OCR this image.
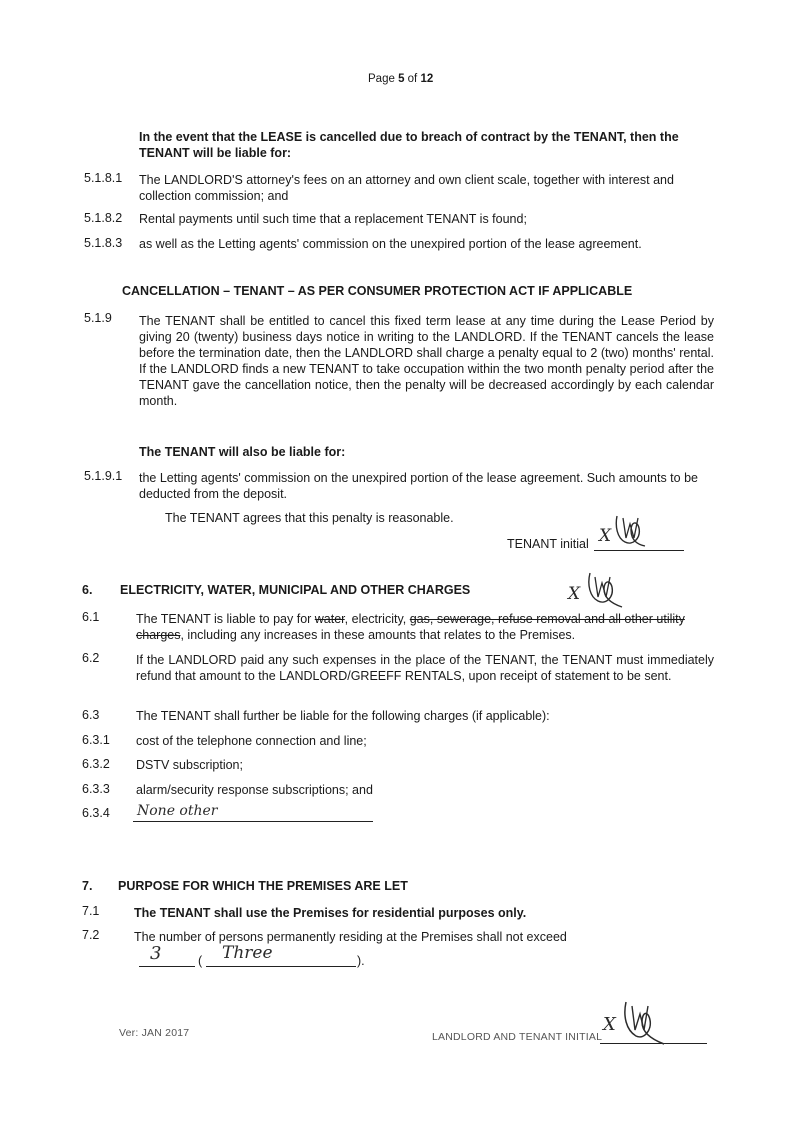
Page 5 of 12
In the event that the LEASE is cancelled due to breach of contract by the TENANT, then the TENANT will be liable for:
5.1.8.1 The LANDLORD'S attorney's fees on an attorney and own client scale, together with interest and collection commission; and
5.1.8.2 Rental payments until such time that a replacement TENANT is found;
5.1.8.3 as well as the Letting agents' commission on the unexpired portion of the lease agreement.
CANCELLATION – TENANT – AS PER CONSUMER PROTECTION ACT IF APPLICABLE
5.1.9 The TENANT shall be entitled to cancel this fixed term lease at any time during the Lease Period by giving 20 (twenty) business days notice in writing to the LANDLORD. If the TENANT cancels the lease before the termination date, then the LANDLORD shall charge a penalty equal to 2 (two) months' rental. If the LANDLORD finds a new TENANT to take occupation within the two month penalty period after the TENANT gave the cancellation notice, then the penalty will be decreased accordingly by each calendar month.
The TENANT will also be liable for:
5.1.9.1 the Letting agents' commission on the unexpired portion of the lease agreement. Such amounts to be deducted from the deposit.
The TENANT agrees that this penalty is reasonable.
TENANT initial X
6. ELECTRICITY, WATER, MUNICIPAL AND OTHER CHARGES	X
6.1	The TENANT is liable to pay for water, electricity, gas, sewerage, refuse removal and all other utility charges, including any increases in these amounts that relates to the Premises.
6.2	If the LANDLORD paid any such expenses in the place of the TENANT, the TENANT must immediately refund that amount to the LANDLORD/GREEFF RENTALS, upon receipt of statement to be sent.
6.3	The TENANT shall further be liable for the following charges (if applicable):
6.3.1 cost of the telephone connection and line;
6.3.2 DSTV subscription;
6.3.3 alarm/security response subscriptions; and
6.3.4 None other
7. PURPOSE FOR WHICH THE PREMISES ARE LET
7.1	The TENANT shall use the Premises for residential purposes only.
7.2	The number of persons permanently residing at the Premises shall not exceed
3	( Three	).
Ver: JAN 2017	LANDLORD AND TENANT INITIAL
X
